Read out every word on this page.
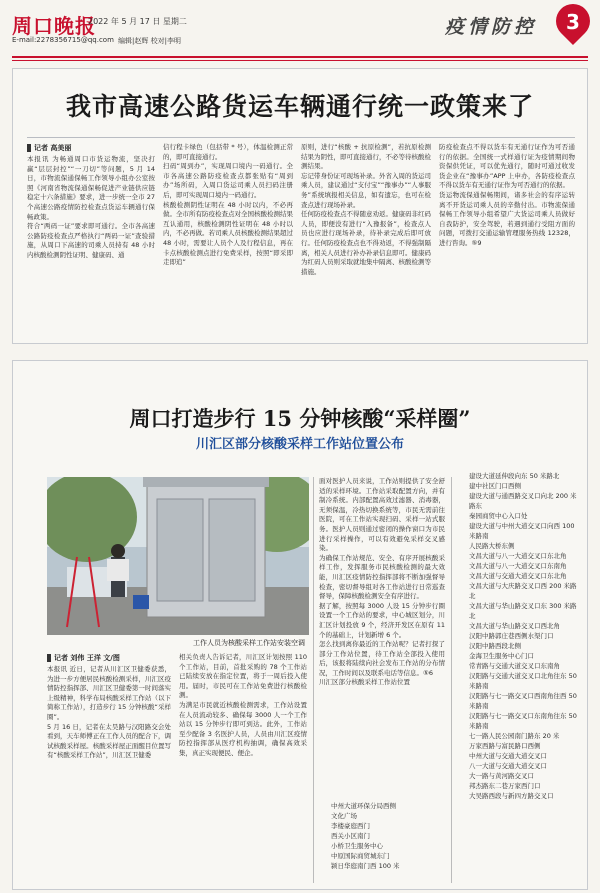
周口晚报
2022 年 5 月 17 日 星期二
E-mail:2278356715@qq.com 编辑|赵辉 校对|李明
疫情防控	3
我市高速公路货运车辆通行统一政策来了
记者 高美丽
本报讯 为畅通周口市货运物流，坚决打赢“层层封控”“一刀切”等问题，5 月 14 日，市物流保通保畅工作领导小组办公室按照《河南省物流保通保畅促进产业链供应链稳定十六条措施》要求，进一步统一全市 27 个高速公路疫情防控检查点货运车辆通行保畅政策。
符合“两码一证”要求即可通行。全市各高速公路防疫检查点严格执行“两码一证”查验措施，从周口下高速的司乘人员持有 48 小时内核酸检测阴性证明、健康码、通
信行程卡绿色（包括带 * 号），体温检测正常的，即可直接通行。
扫码“周到办”，实现周口境内一码通行。全市各高速公路防疫检查点都张贴有“周到办”场所码，入周口货运司乘人员扫码注册后，即可实现周口境内一码通行。
核酸检测阴性证明在 48 小时以内，不必再做。全市所有防疫检查点对全国核酸检测结果互认通用，核酸检测阴性证明在 48 小时以内，不必再做。若司乘人员核酸检测结果超过 48 小时，需要让人员个人及行程信息，再在卡点核酸检测点进行免费采样，按照“即采即走即追”
原则，进行“核酸 + 抗原检测”，若抗原检测结果为阴性，即可直接通行，不必等待核酸检测结果。
忘记带身份证可现场补录。外省入周的货运司乘人员，建议通过“支付宝”“豫事办”“人事服务”系统填报相关信息，如有遗忘，也可在检查点进行现场补录。
任何防疫检查点不得随意劝返。健康码非红码人员，即便没有进行“入豫报备”，检查点人员也应进行现场补录，待补录完成后即可放行。任何防疫检查点也不得劝返，不得强制隔离，相关人员进行补办补录信息即可。健康码为红码人员则采取就地集中隔离、核酸检测等措施。
防疫检查点不得以货车有无通行证作为可否通行的依据。全国统一式样通行证为疫情期间物资保供凭证，可以优先通行，随时可通过收发货企业在“豫事办”APP 上申办，各防疫检查点不得以货车有无通行证作为可否通行的依据。
货运物流保通保畅期间，诸多社会的有序运转离不开货运司乘人员的辛勤付出。市物流保通保畅工作领导小组希望广大货运司乘人员做好自我防护，安全驾驶，若遇到通行受阻方面的问题，可拨打交通运输管理服务热线 12328，进行咨询。⑤9
周口打造步行 15 分钟核酸“采样圈”
川汇区部分核酸采样工作站位置公布
工作人员为核酸采样工作站安装空调
记者 刘伟 王洋 文/图
本报讯 近日，记者从川汇区卫健委获悉，为进一步方便居民核酸检测采样，川汇区疫情防控指挥部、川汇区卫健委第一时间落实上级精神，科学布局核酸采样工作站（以下简称工作站），打造步行 15 分钟核酸“采样圈”。
5 月 16 日，记者在太昊路与汉阳路交会处看到，天车师傅正在工作人员的配合下，调试核酸采样屋。核酸采样屋正面醒目位置写有“核酸采样工作站”，川汇区卫健委
相关负责人告诉记者，川汇区计划按照 110 个工作站，目前，首批采购的 78 个工作站已陆续安放在指定位置，将于一周后投入使用。届时，市民可在工作站免费进行核酸检测。
为满足市民就近核酸检测需求，工作站设置在人员流动较多、确保每 3000 人一个工作站以 15 分钟步行即可到达。此外，工作站至少配备 3 名医护人员，人员由川汇区疫情防控指挥部从医疗机构抽调，确保高效采集，真正实现便民、便企。
面对医护人员来说，工作站则提供了安全舒适的采样环境。工作站采取配置方向，并有制冷系统。内部配置高效过滤器、消毒器，无须保温，冷热切换系统等，市民无需前往医院，可在工作站实现扫码、采样一站式服务。医护人员则通过密闭的操作窗口为市民进行采样操作，可以有效避免采样交叉感染。
为确保工作站规范、安全、有序开展核酸采样工作，发挥服务市民核酸检测的最大效能，川汇区疫情防控指挥部将不断加强督导检查，密切督导组对各工作站进行日常巡查督导，保障核酸检测安全有序进行。
据了解，按照每 3000 人设 15 分钟步行圈设置一个工作站的要求，中心城区划分，川汇区计划投放 9 个，经济开发区在原有 11 个的基础上，计划新增 6 个。
怎么找到离你最近的工作站呢？记者打探了部分工作站位置，待工作站全部投入使用后，该报将陆续向社会发布工作站的分布情况，工作时间以及联系电话等信息。⑤6
川汇区部分核酸采样工作站位置
中州大道环保分局西侧
文化广场
李楼豪庭西门
西关小区南门
小桥卫生服务中心
中原国际商贸城东门
颍日华庭南门西 100 米
建设大道延伸段向东 50 米路北
建中社区门口西侧
建设大道与通西路交叉口向北 200 米路东
秦园商贸中心入口处
建设大道与中州大道交叉口向西 100 米路南
人民路大桥东侧
文昌大道与八一大道交叉口东北角
文昌大道与八一大道交叉口东南角
文昌大道与交通大道交叉口东北角
文昌大道与大庆路交叉口西 200 米路北
文昌大道与华山路交叉口东 300 米路北
文昌大道与华山路交叉口西北角
汉阳中路郭庄巷西侧水渠门口
汉阳中路西段北侧
金海卫生服务中心门口
常青路与交通大道交叉口东南角
汉阳路与交通大道交叉口北角往东 50 米路南
汉阳路与七一路交叉口西南角往西 50 米路南
汉阳路与七一路交叉口东南角往东 50 米路南
七一路人民公园南门路东 20 米
万家西路与富民路口西侧
中州大道与交通大道交叉口
八一大道与交通大道交叉口
大一路与黄河路交叉口
邦杰路东二巷万家西门口
大吴路西段与新四方路交叉口
